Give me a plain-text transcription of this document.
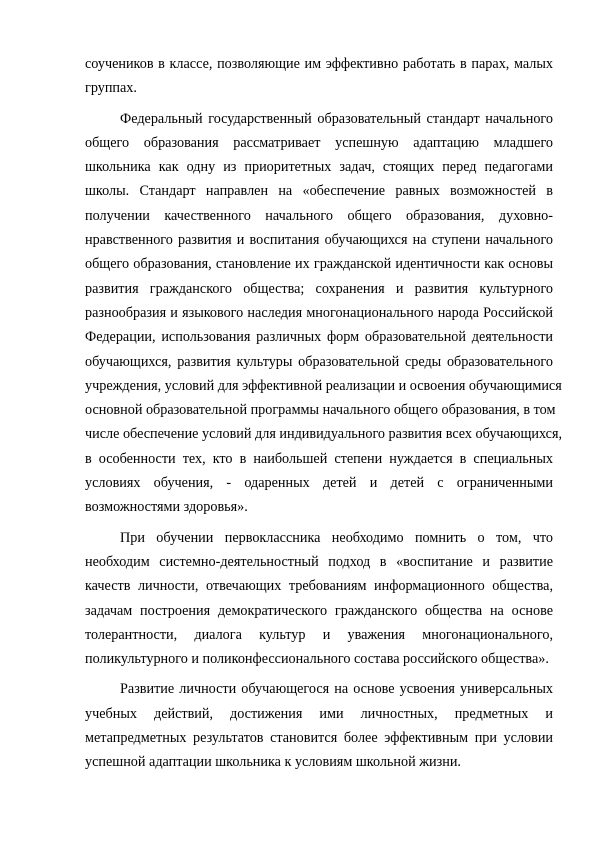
соучеников в классе, позволяющие им эффективно работать в парах, малых
группах.
Федеральный государственный образовательный стандарт начального
общего образования рассматривает успешную адаптацию младшего
школьника как одну из приоритетных задач, стоящих перед педагогами
школы. Стандарт направлен на «обеспечение равных возможностей в
получении качественного начального общего образования, духовно-
нравственного развития и воспитания обучающихся на ступени начального
общего образования, становление их гражданской идентичности как основы
развития гражданского общества; сохранения и развития культурного
разнообразия и языкового наследия многонационального народа Российской
Федерации, использования различных форм образовательной деятельности
обучающихся, развития культуры образовательной среды образовательного
учреждения, условий для эффективной реализации и освоения обучающимися
основной образовательной программы начального общего образования, в том
числе обеспечение условий для индивидуального развития всех обучающихся,
в особенности тех, кто в наибольшей степени нуждается в специальных
условиях обучения, - одаренных детей и детей с ограниченными
возможностями здоровья».
При обучении первоклассника необходимо помнить о том, что
необходим системно-деятельностный подход в «воспитание и развитие
качеств личности, отвечающих требованиям информационного общества,
задачам построения демократического гражданского общества на основе
толерантности, диалога культур и уважения многонационального,
поликультурного и поликонфессионального состава российского общества».
Развитие личности обучающегося на основе усвоения универсальных
учебных действий, достижения ими личностных, предметных и
метапредметных результатов становится более эффективным при условии
успешной адаптации школьника к условиям школьной жизни.
